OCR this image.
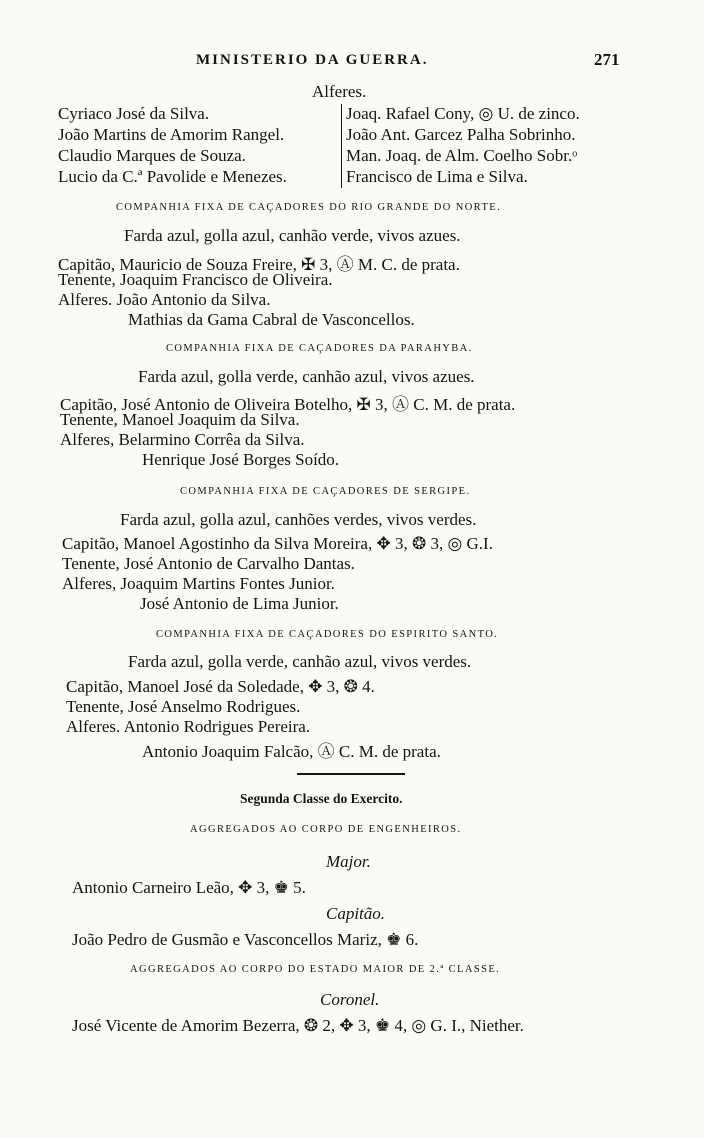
MINISTERIO DA GUERRA.	271
Alferes.
Cyriaco José da Silva.
João Martins de Amorim Rangel.
Claudio Marques de Souza.
Lucio da C.ª Pavolide e Menezes.
Joaq. Rafael Cony, ◎ U. de zinco.
João Ant. Garcez Palha Sobrinho.
Man. Joaq. de Alm. Coelho Sobr.ᵒ
Francisco de Lima e Silva.
COMPANHIA FIXA DE CAÇADORES DO RIO GRANDE DO NORTE.
Farda azul, golla azul, canhão verde, vivos azues.
Capitão, Mauricio de Souza Freire, ✠ 3, Ⓐ M. C. de prata.
Tenente, Joaquim Francisco de Oliveira.
Alferes. João Antonio da Silva.
Mathias da Gama Cabral de Vasconcellos.
COMPANHIA FIXA DE CAÇADORES DA PARAHYBA.
Farda azul, golla verde, canhão azul, vivos azues.
Capitão, José Antonio de Oliveira Botelho, ✠ 3, Ⓐ C. M. de prata.
Tenente, Manoel Joaquim da Silva.
Alferes, Belarmino Corrêa da Silva.
Henrique José Borges Soído.
COMPANHIA FIXA DE CAÇADORES DE SERGIPE.
Farda azul, golla azul, canhões verdes, vivos verdes.
Capitão, Manoel Agostinho da Silva Moreira, ✥ 3, ❂ 3, ◎ G.I.
Tenente, José Antonio de Carvalho Dantas.
Alferes, Joaquim Martins Fontes Junior.
José Antonio de Lima Junior.
COMPANHIA FIXA DE CAÇADORES DO ESPIRITO SANTO.
Farda azul, golla verde, canhão azul, vivos verdes.
Capitão, Manoel José da Soledade, ✥ 3, ❂ 4.
Tenente, José Anselmo Rodrigues.
Alferes. Antonio Rodrigues Pereira.
Antonio Joaquim Falcão, Ⓐ C. M. de prata.
Segunda Classe do Exercito.
AGGREGADOS AO CORPO DE ENGENHEIROS.
Major.
Antonio Carneiro Leão, ✥ 3, ♚ 5.
Capitão.
João Pedro de Gusmão e Vasconcellos Mariz, ♚ 6.
AGGREGADOS AO CORPO DO ESTADO MAIOR DE 2.ª CLASSE.
Coronel.
José Vicente de Amorim Bezerra, ❂ 2, ✥ 3, ♚ 4, ◎ G. I., Niether.
